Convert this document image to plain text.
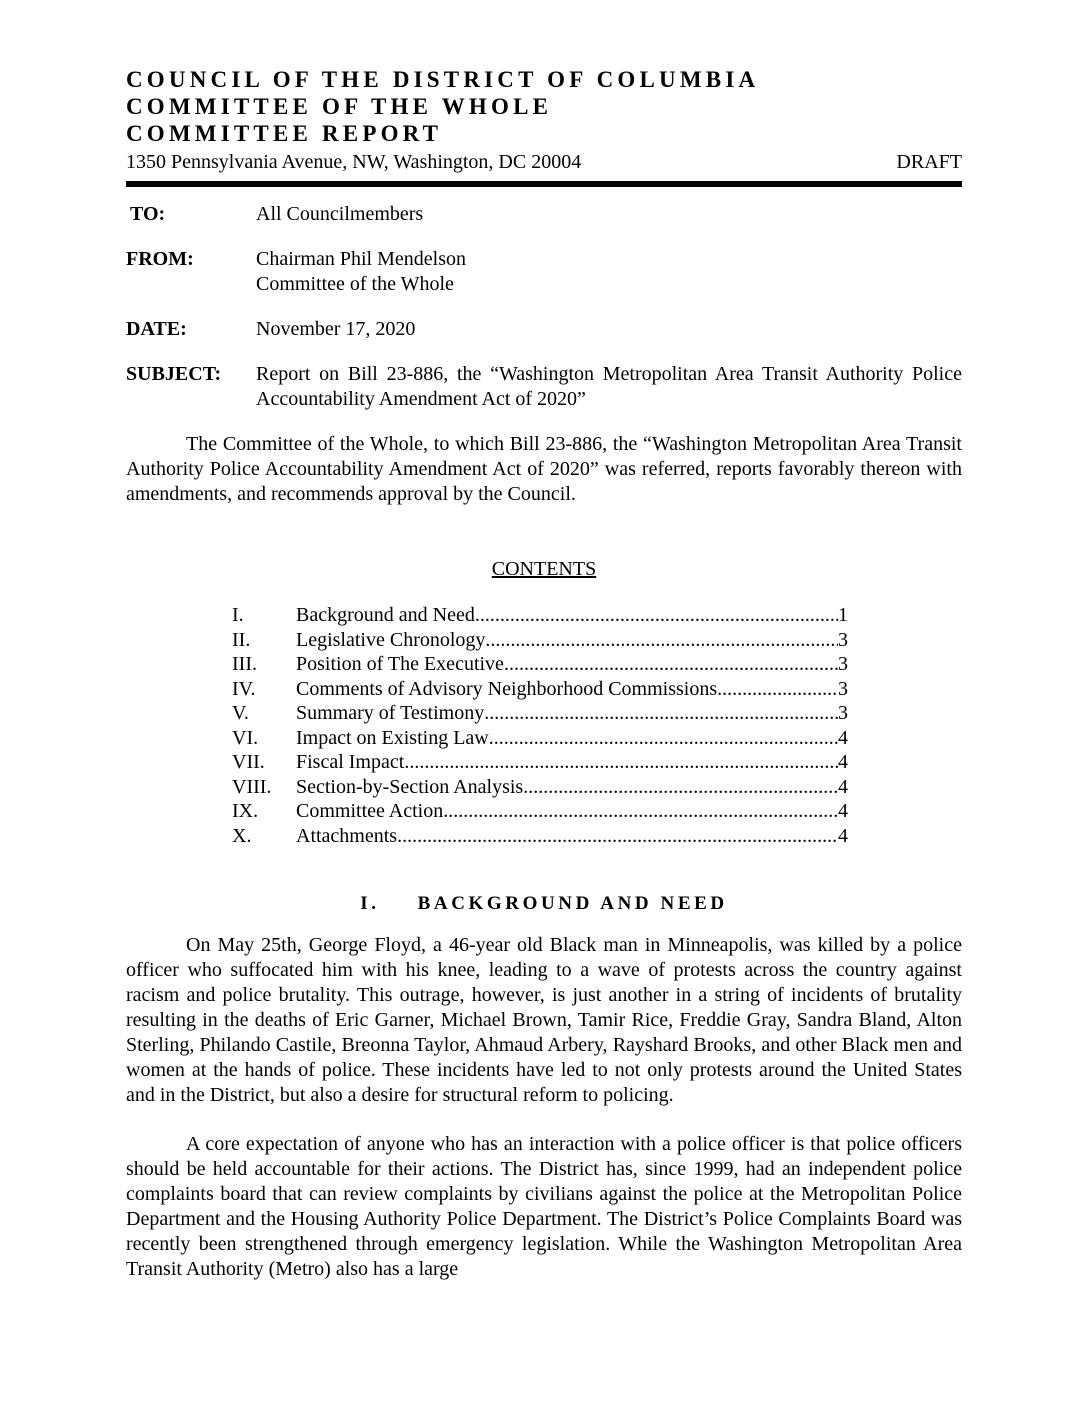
COUNCIL OF THE DISTRICT OF COLUMBIA
COMMITTEE OF THE WHOLE
COMMITTEE REPORT
1350 Pennsylvania Avenue, NW, Washington, DC 20004	DRAFT
TO:	All Councilmembers
FROM:	Chairman Phil Mendelson
Committee of the Whole
DATE:	November 17, 2020
SUBJECT:	Report on Bill 23-886, the “Washington Metropolitan Area Transit Authority Police Accountability Amendment Act of 2020”

The Committee of the Whole, to which Bill 23-886, the “Washington Metropolitan Area Transit Authority Police Accountability Amendment Act of 2020” was referred, reports favorably thereon with amendments, and recommends approval by the Council.

CONTENTS
I.	Background and Need .....	1
II.	Legislative Chronology .....	3
III.	Position of The Executive .....	3
IV.	Comments of Advisory Neighborhood Commissions .....	3
V.	Summary of Testimony .....	3
VI.	Impact on Existing Law .....	4
VII.	Fiscal Impact .....	4
VIII.	Section-by-Section Analysis .....	4
IX.	Committee Action .....	4
X.	Attachments .....	4
I. BACKGROUND AND NEED

On May 25th, George Floyd, a 46-year old Black man in Minneapolis, was killed by a police officer who suffocated him with his knee, leading to a wave of protests across the country against racism and police brutality. This outrage, however, is just another in a string of incidents of brutality resulting in the deaths of Eric Garner, Michael Brown, Tamir Rice, Freddie Gray, Sandra Bland, Alton Sterling, Philando Castile, Breonna Taylor, Ahmaud Arbery, Rayshard Brooks, and other Black men and women at the hands of police. These incidents have led to not only protests around the United States and in the District, but also a desire for structural reform to policing.

A core expectation of anyone who has an interaction with a police officer is that police officers should be held accountable for their actions. The District has, since 1999, had an independent police complaints board that can review complaints by civilians against the police at the Metropolitan Police Department and the Housing Authority Police Department. The District’s Police Complaints Board was recently been strengthened through emergency legislation. While the Washington Metropolitan Area Transit Authority (Metro) also has a large
